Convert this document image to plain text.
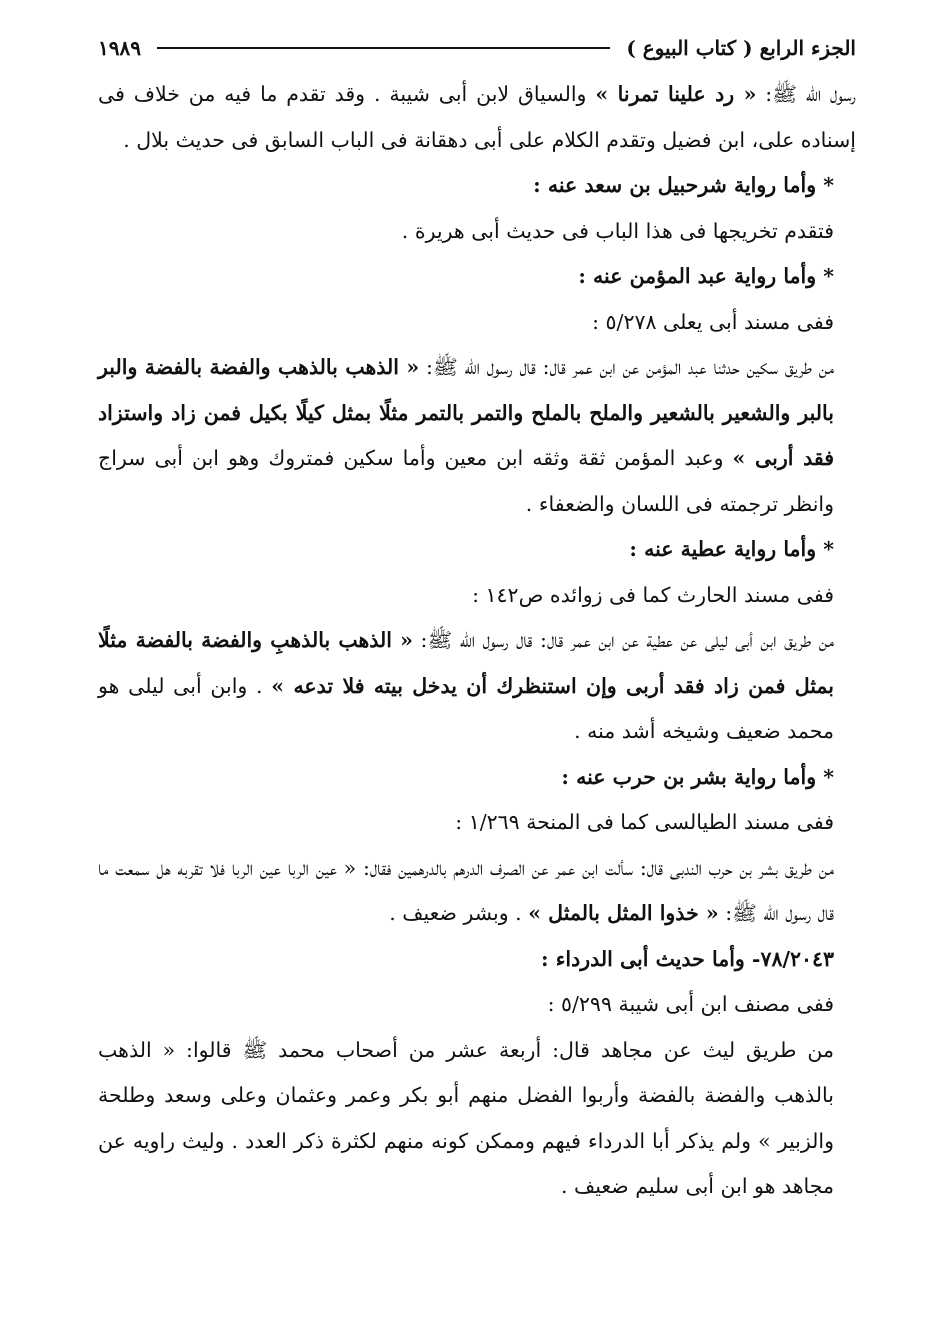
الجزء الرابع ( كتاب البيوع )
١٩٨٩

رسول الله ﷺ: « رد علينا تمرنا » والسياق لابن أبى شيبة . وقد تقدم ما فيه من خلاف فى إسناده على، ابن فضيل وتقدم الكلام على أبى دهقانة فى الباب السابق فى حديث بلال .

* وأما رواية شرحبيل بن سعد عنه :

فتقدم تخريجها فى هذا الباب فى حديث أبى هريرة .

* وأما رواية عبد المؤمن عنه :

ففى مسند أبى يعلى ٥/٢٧٨ :

من طريق سكين حدثنا عبد المؤمن عن ابن عمر قال: قال رسول الله ﷺ: « الذهب بالذهب والفضة بالفضة والبر بالبر والشعير بالشعير والملح بالملح والتمر بالتمر مثلًا بمثل كيلًا بكيل فمن زاد واستزاد فقد أربى » وعبد المؤمن ثقة وثقه ابن معين وأما سكين فمتروك وهو ابن أبى سراج وانظر ترجمته فى اللسان والضعفاء .

* وأما رواية عطية عنه :

ففى مسند الحارث كما فى زوائده ص١٤٢ :

من طريق ابن أبى ليلى عن عطية عن ابن عمر قال: قال رسول الله ﷺ: « الذهب بالذهبِ والفضة بالفضة مثلًا بمثل فمن زاد فقد أربى وإن استنظرك أن يدخل بيته فلا تدعه » . وابن أبى ليلى هو محمد ضعيف وشيخه أشد منه .

* وأما رواية بشر بن حرب عنه :

ففى مسند الطيالسى كما فى المنحة ١/٢٦٩ :

من طريق بشر بن حرب الندبى قال: سألت ابن عمر عن الصرف الدرهم بالدرهمين فقال: « عين الربا عين الربا فلا تقربه هل سمعت ما قال رسول الله ﷺ: « خذوا المثل بالمثل » . وبشر ضعيف .

٧٨/٢٠٤٣- وأما حديث أبى الدرداء :

ففى مصنف ابن أبى شيبة ٥/٢٩٩ :

من طريق ليث عن مجاهد قال: أربعة عشر من أصحاب محمد ﷺ قالوا: « الذهب بالذهب والفضة بالفضة وأربوا الفضل منهم أبو بكر وعمر وعثمان وعلى وسعد وطلحة والزبير » ولم يذكر أبا الدرداء فيهم وممكن كونه منهم لكثرة ذكر العدد . وليث راويه عن مجاهد هو ابن أبى سليم ضعيف .
